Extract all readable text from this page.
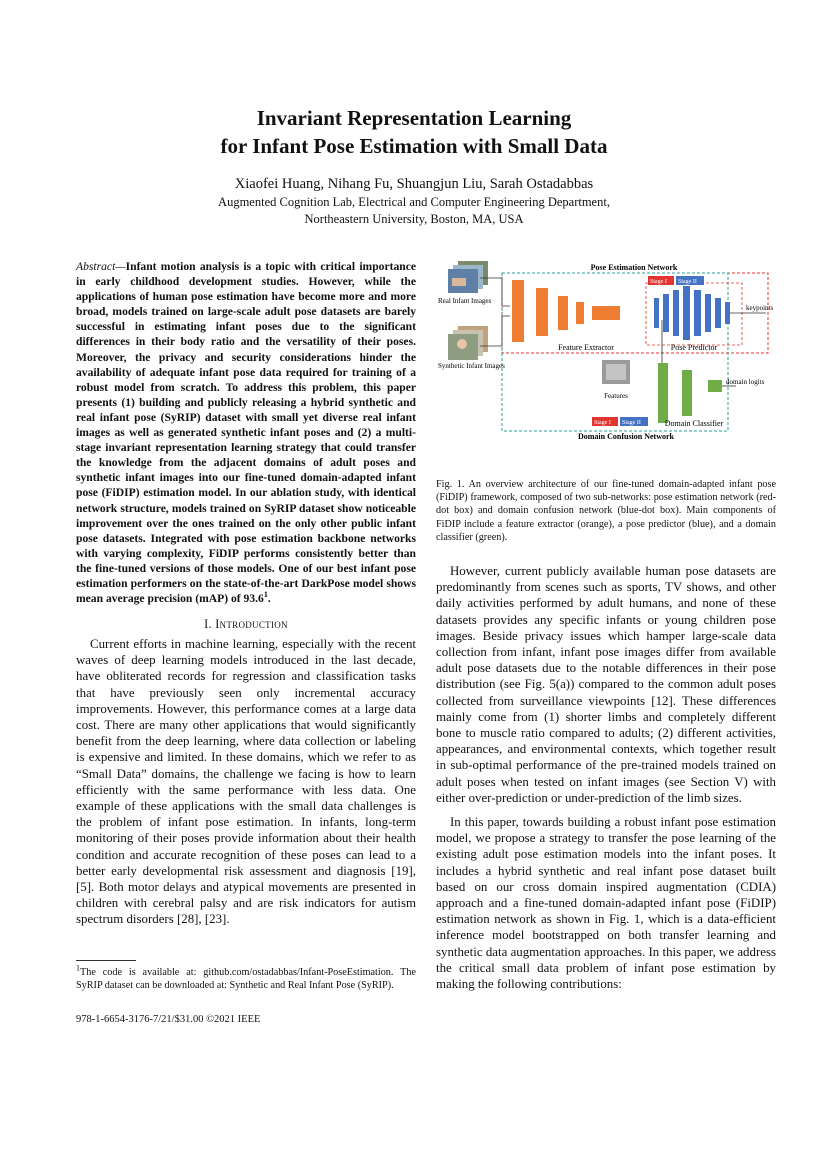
Invariant Representation Learning
for Infant Pose Estimation with Small Data
Xiaofei Huang, Nihang Fu, Shuangjun Liu, Sarah Ostadabbas
Augmented Cognition Lab, Electrical and Computer Engineering Department,
Northeastern University, Boston, MA, USA
Abstract—Infant motion analysis is a topic with critical importance in early childhood development studies. However, while the applications of human pose estimation have become more and more broad, models trained on large-scale adult pose datasets are barely successful in estimating infant poses due to the significant differences in their body ratio and the versatility of their poses. Moreover, the privacy and security considerations hinder the availability of adequate infant pose data required for training of a robust model from scratch. To address this problem, this paper presents (1) building and publicly releasing a hybrid synthetic and real infant pose (SyRIP) dataset with small yet diverse real infant images as well as generated synthetic infant poses and (2) a multi-stage invariant representation learning strategy that could transfer the knowledge from the adjacent domains of adult poses and synthetic infant images into our fine-tuned domain-adapted infant pose (FiDIP) estimation model. In our ablation study, with identical network structure, models trained on SyRIP dataset show noticeable improvement over the ones trained on the only other public infant pose datasets. Integrated with pose estimation backbone networks with varying complexity, FiDIP performs consistently better than the fine-tuned versions of those models. One of our best infant pose estimation performers on the state-of-the-art DarkPose model shows mean average precision (mAP) of 93.6$^1$.
I. Introduction

Current efforts in machine learning, especially with the recent waves of deep learning models introduced in the last decade, have obliterated records for regression and classification tasks that have previously seen only incremental accuracy improvements. However, this performance comes at a large data cost. There are many other applications that would significantly benefit from the deep learning, where data collection or labeling is expensive and limited. In these domains, which we refer to as “Small Data” domains, the challenge we facing is how to learn efficiently with the same performance with less data. One example of these applications with the small data challenges is the problem of infant pose estimation. In infants, long-term monitoring of their poses provide information about their health condition and accurate recognition of these poses can lead to a better early developmental risk assessment and diagnosis [19], [5]. Both motor delays and atypical movements are presented in children with cerebral palsy and are risk indicators for autism spectrum disorders [28], [23].

$^1$The code is available at: github.com/ostadabbas/Infant-PoseEstimation. The SyRIP dataset can be downloaded at: Synthetic and Real Infant Pose (SyRIP).
978-1-6654-3176-7/21/$31.00 ©2021 IEEE
Pose Estimation Network
Domain Confusion Network
Real Infant Images
Synthetic Infant Images
Feature Extractor	Pose Predictor
keypoints
Stage I Stage II
Features
domain logits
Domain Classifier
Stage I Stage II
Fig. 1. An overview architecture of our fine-tuned domain-adapted infant pose (FiDIP) framework, composed of two sub-networks: pose estimation network (red-dot box) and domain confusion network (blue-dot box). Main components of FiDIP include a feature extractor (orange), a pose predictor (blue), and a domain classifier (green).

However, current publicly available human pose datasets are predominantly from scenes such as sports, TV shows, and other daily activities performed by adult humans, and none of these datasets provides any specific infants or young children pose images. Beside privacy issues which hamper large-scale data collection from infant, infant pose images differ from available adult pose datasets due to the notable differences in their pose distribution (see Fig. 5(a)) compared to the common adult poses collected from surveillance viewpoints [12]. These differences mainly come from (1) shorter limbs and completely different bone to muscle ratio compared to adults; (2) different activities, appearances, and environmental contexts, which together result in sub-optimal performance of the pre-trained models trained on adult poses when tested on infant images (see Section V) with either over-prediction or under-prediction of the limb sizes.

In this paper, towards building a robust infant pose estimation model, we propose a strategy to transfer the pose learning of the existing adult pose estimation models into the infant poses. It includes a hybrid synthetic and real infant pose dataset built based on our cross domain inspired augmentation (CDIA) approach and a fine-tuned domain-adapted infant pose (FiDIP) estimation network as shown in Fig. 1, which is a data-efficient inference model bootstrapped on both transfer learning and synthetic data augmentation approaches. In this paper, we address the critical small data problem of infant pose estimation by making the following contributions:
